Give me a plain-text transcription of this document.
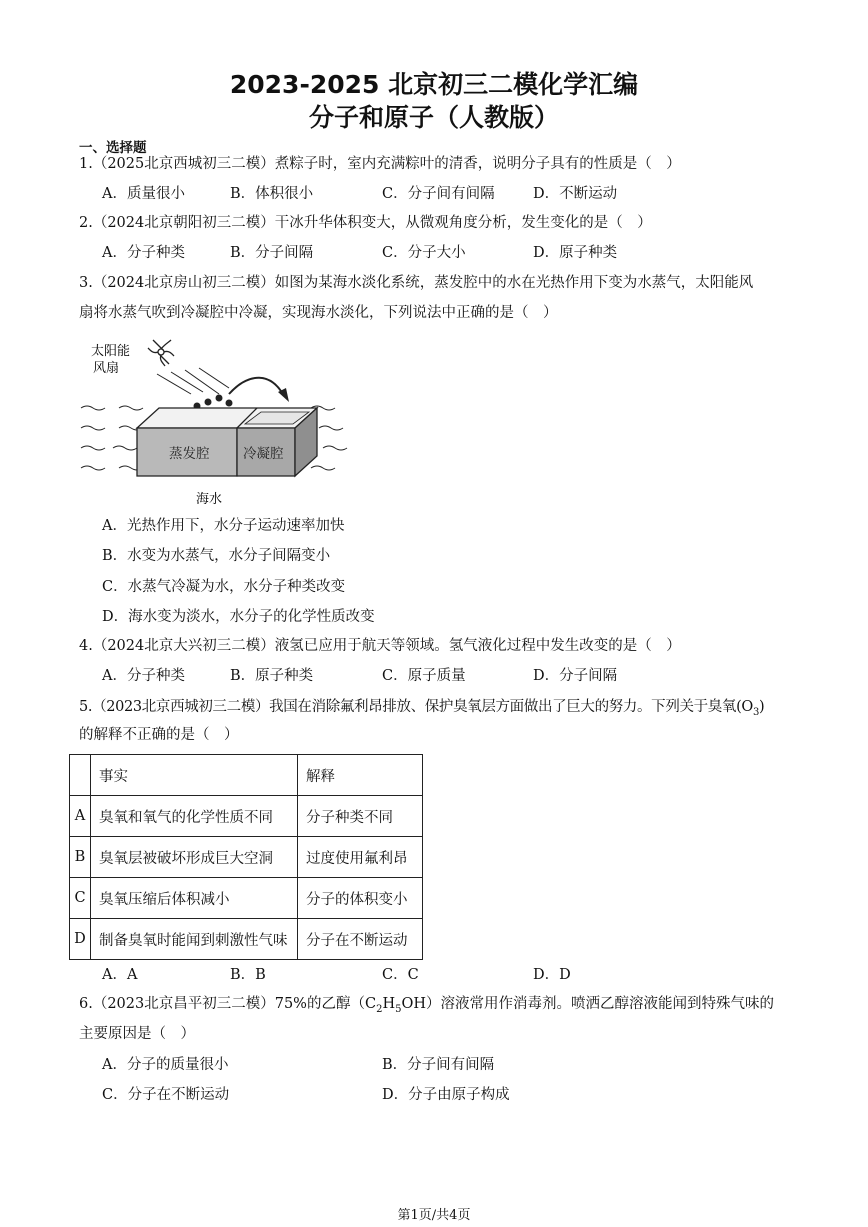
2023-2025 北京初三二模化学汇编
分子和原子（人教版）
一、选择题
1.（2025北京西城初三二模）煮粽子时，室内充满粽叶的清香，说明分子具有的性质是（　）
A．质量很小	B．体积很小	C．分子间有间隔	D．不断运动
2.（2024北京朝阳初三二模）干冰升华体积变大，从微观角度分析，发生变化的是（　）
A．分子种类	B．分子间隔	C．分子大小	D．原子种类
3.（2024北京房山初三二模）如图为某海水淡化系统，蒸发腔中的水在光热作用下变为水蒸气，太阳能风
扇将水蒸气吹到冷凝腔中冷凝，实现海水淡化，下列说法中正确的是（　）
太阳能
风扇
蒸发腔 冷凝腔
海水
A．光热作用下，水分子运动速率加快
B．水变为水蒸气，水分子间隔变小
C．水蒸气冷凝为水，水分子种类改变
D．海水变为淡水，水分子的化学性质改变
4.（2024北京大兴初三二模）液氢已应用于航天等领域。氢气液化过程中发生改变的是（　）
A．分子种类	B．原子种类	C．原子质量	D．分子间隔
5.（2023北京西城初三二模）我国在消除氟利昂排放、保护臭氧层方面做出了巨大的努力。下列关于臭氧$(O_3)$
的解释不正确的是（　）
	事实	解释
A	臭氧和氧气的化学性质不同	分子种类不同
B	臭氧层被破坏形成巨大空洞	过度使用氟利昂
C	臭氧压缩后体积减小	分子的体积变小
D	制备臭氧时能闻到刺激性气味	分子在不断运动
A．A	B．B	C．C	D．D
6.（2023北京昌平初三二模）75%的乙醇$(C_2H_5OH)$溶液常用作消毒剂。喷洒乙醇溶液能闻到特殊气味的
主要原因是（　）
A．分子的质量很小	B．分子间有间隔
C．分子在不断运动	D．分子由原子构成
第1页/共4页
